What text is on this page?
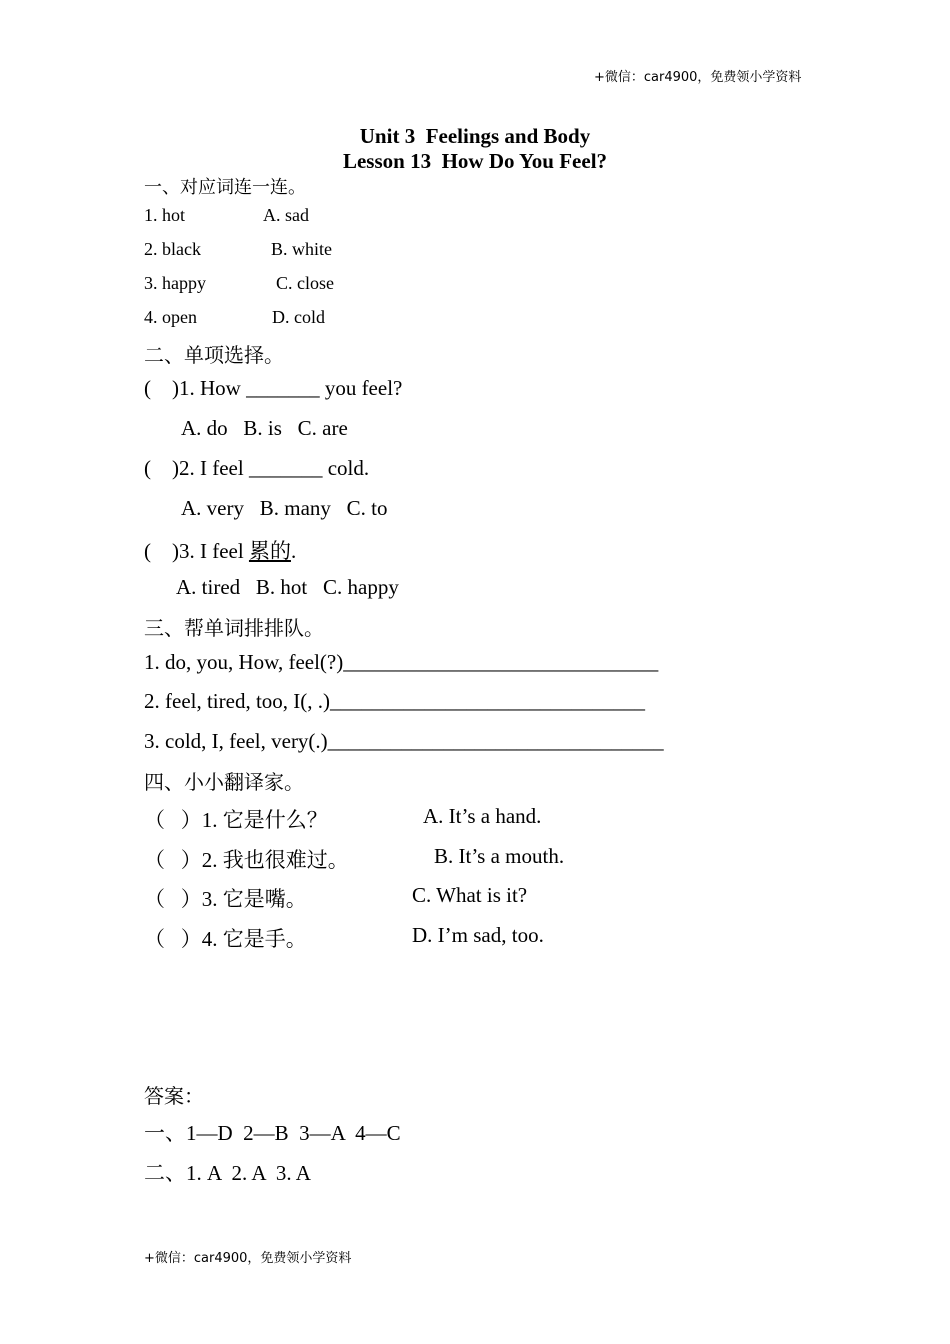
+微信：car4900，免费领小学资料
+微信：car4900，免费领小学资料
Unit 3  Feelings and Body
Lesson 13  How Do You Feel?
一、对应词连一连。
1. hot	A. sad
2. black	B. white
3. happy	C. close
4. open	D. cold
二、单项选择。
(    )1. How _______ you feel?
A. do   B. is   C. are
(    )2. I feel _______ cold.
A. very   B. many   C. to
(    )3. I feel 累的.
A. tired   B. hot   C. happy
三、帮单词排排队。
1. do, you, How, feel(?)______________________________
2. feel, tired, too, I(, .)______________________________
3. cold, I, feel, very(.)________________________________
四、小小翻译家。
（   ）1. 它是什么？	A. It’s a hand.
（   ）2. 我也很难过。	B. It’s a mouth.
（   ）3. 它是嘴。	C. What is it?
（   ）4. 它是手。	D. I’m sad, too.
答案：
一、1—D  2—B  3—A  4—C
二、1. A  2. A  3. A
